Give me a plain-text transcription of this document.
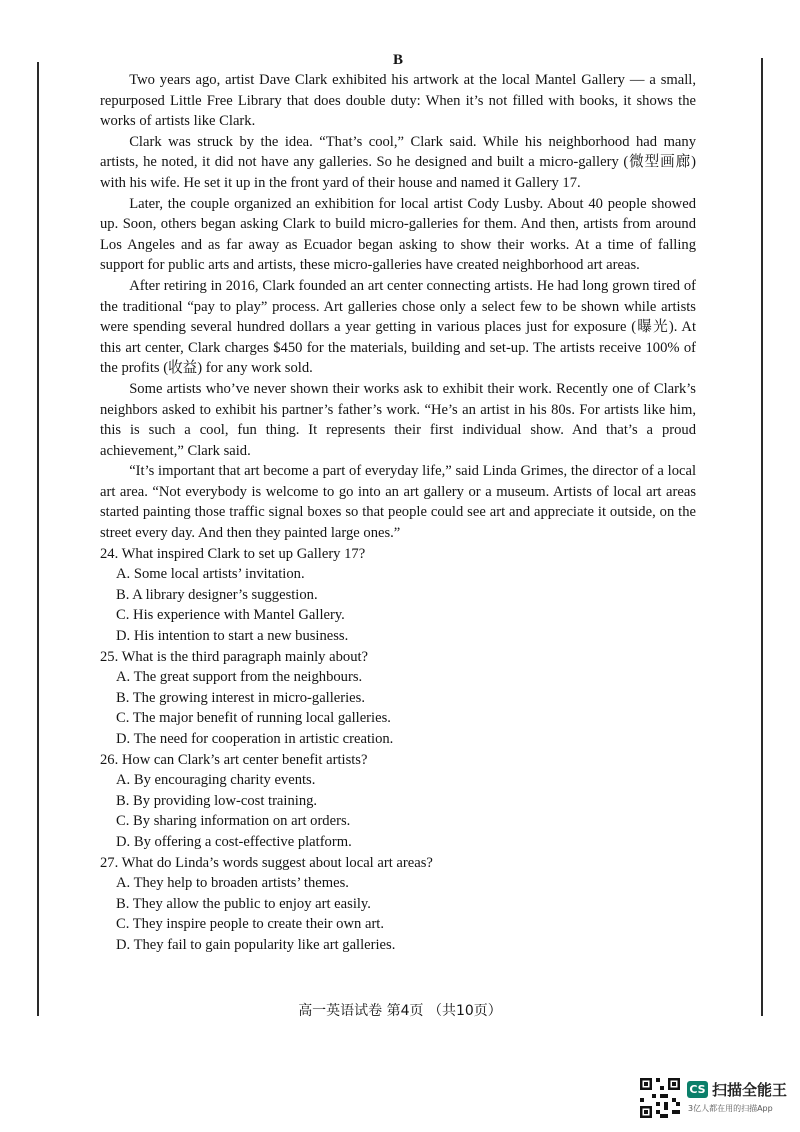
B

Two years ago, artist Dave Clark exhibited his artwork at the local Mantel Gallery — a small, repurposed Little Free Library that does double duty: When it’s not filled with books, it shows the works of artists like Clark.

Clark was struck by the idea. “That’s cool,” Clark said. While his neighborhood had many artists, he noted, it did not have any galleries. So he designed and built a micro-gallery (微型画廊) with his wife. He set it up in the front yard of their house and named it Gallery 17.

Later, the couple organized an exhibition for local artist Cody Lusby. About 40 people showed up. Soon, others began asking Clark to build micro-galleries for them. And then, artists from around Los Angeles and as far away as Ecuador began asking to show their works. At a time of falling support for public arts and artists, these micro-galleries have created neighborhood art areas.

After retiring in 2016, Clark founded an art center connecting artists. He had long grown tired of the traditional “pay to play” process. Art galleries chose only a select few to be shown while artists were spending several hundred dollars a year getting in various places just for exposure (曝光). At this art center, Clark charges $450 for the materials, building and set-up. The artists receive 100% of the profits (收益) for any work sold.

Some artists who’ve never shown their works ask to exhibit their work. Recently one of Clark’s neighbors asked to exhibit his partner’s father’s work. “He’s an artist in his 80s. For artists like him, this is such a cool, fun thing. It represents their first individual show. And that’s a proud achievement,” Clark said.

“It’s important that art become a part of everyday life,” said Linda Grimes, the director of a local art area. “Not everybody is welcome to go into an art gallery or a museum. Artists of local art areas started painting those traffic signal boxes so that people could see art and appreciate it outside, on the street every day. And then they painted large ones.”

24. What inspired Clark to set up Gallery 17?

A. Some local artists’ invitation.

B. A library designer’s suggestion.

C. His experience with Mantel Gallery.

D. His intention to start a new business.

25. What is the third paragraph mainly about?

A. The great support from the neighbours.

B. The growing interest in micro-galleries.

C. The major benefit of running local galleries.

D. The need for cooperation in artistic creation.

26. How can Clark’s art center benefit artists?

A. By encouraging charity events.

B. By providing low-cost training.

C. By sharing information on art orders.

D. By offering a cost-effective platform.

27. What do Linda’s words suggest about local art areas?

A. They help to broaden artists’ themes.

B. They allow the public to enjoy art easily.

C. They inspire people to create their own art.

D. They fail to gain popularity like art galleries.

高一英语试卷 第4页 （共10页）
CS 扫描全能王
3亿人都在用的扫描App
